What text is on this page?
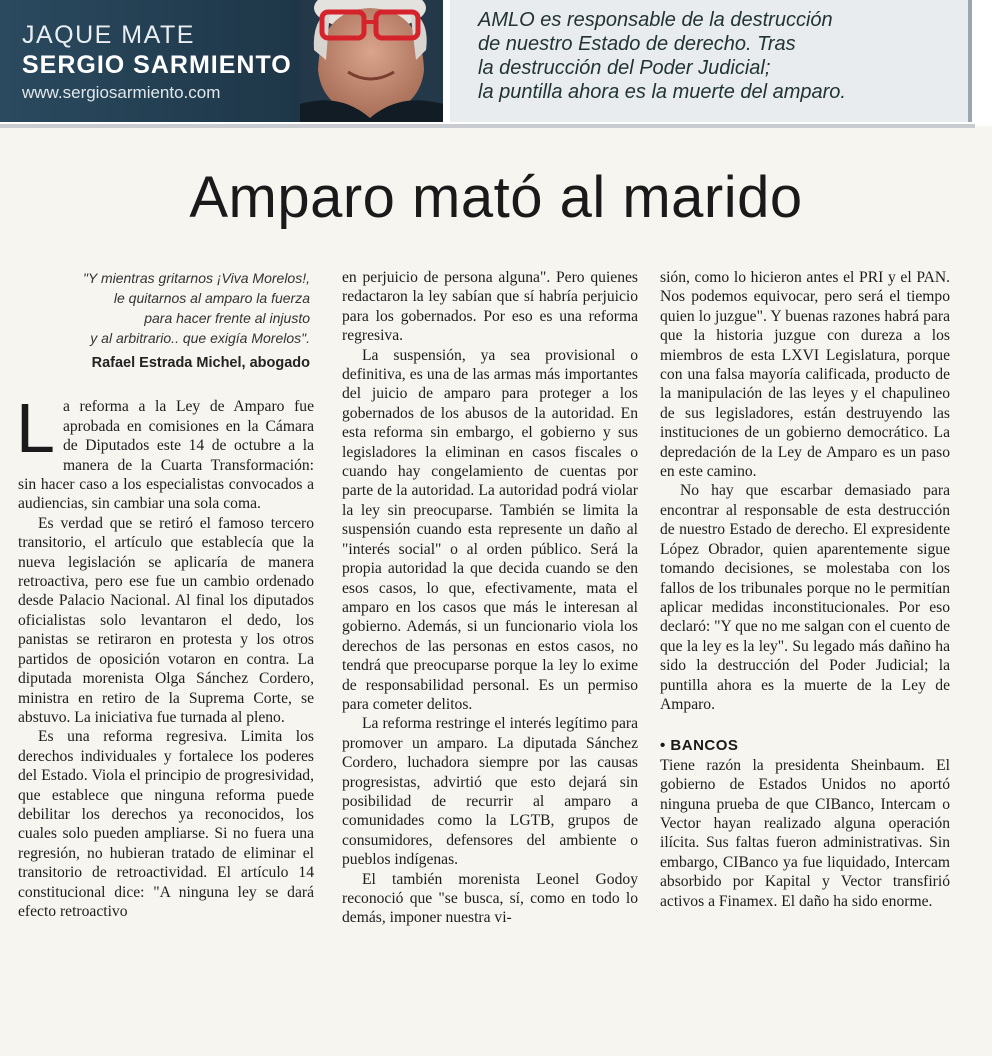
JAQUE MATE
SERGIO SARMIENTO
www.sergiosarmiento.com
AMLO es responsable de la destrucción
de nuestro Estado de derecho. Tras
la destrucción del Poder Judicial;
la puntilla ahora es la muerte del amparo.
Amparo mató al marido
"Y mientras gritarnos ¡Viva Morelos!,
le quitarnos al amparo la fuerza
para hacer frente al injusto
y al arbitrario.. que exigía Morelos".
Rafael Estrada Michel, abogado
L a reforma a la Ley de Amparo fue aprobada en comisiones en la Cámara de Diputados este 14 de octubre a la manera de la Cuarta Transformación: sin hacer caso a los especialistas convocados a audiencias, sin cambiar una sola coma.

Es verdad que se retiró el famoso tercero transitorio, el artículo que establecía que la nueva legislación se aplicaría de manera retroactiva, pero ese fue un cambio ordenado desde Palacio Nacional. Al final los diputados oficialistas solo levantaron el dedo, los panistas se retiraron en protesta y los otros partidos de oposición votaron en contra. La diputada morenista Olga Sánchez Cordero, ministra en retiro de la Suprema Corte, se abstuvo. La iniciativa fue turnada al pleno.

Es una reforma regresiva. Limita los derechos individuales y fortalece los poderes del Estado. Viola el principio de progresividad, que establece que ninguna reforma puede debilitar los derechos ya reconocidos, los cuales solo pueden ampliarse. Si no fuera una regresión, no hubieran tratado de eliminar el transitorio de retroactividad. El artículo 14 constitucional dice: "A ninguna ley se dará efecto retroactivo

en perjuicio de persona alguna". Pero quienes redactaron la ley sabían que sí habría perjuicio para los gobernados. Por eso es una reforma regresiva.

La suspensión, ya sea provisional o definitiva, es una de las armas más importantes del juicio de amparo para proteger a los gobernados de los abusos de la autoridad. En esta reforma sin embargo, el gobierno y sus legisladores la eliminan en casos fiscales o cuando hay congelamiento de cuentas por parte de la autoridad. La autoridad podrá violar la ley sin preocuparse. También se limita la suspensión cuando esta represente un daño al "interés social" o al orden público. Será la propia autoridad la que decida cuando se den esos casos, lo que, efectivamente, mata el amparo en los casos que más le interesan al gobierno. Además, si un funcionario viola los derechos de las personas en estos casos, no tendrá que preocuparse porque la ley lo exime de responsabilidad personal. Es un permiso para cometer delitos.

La reforma restringe el interés legítimo para promover un amparo. La diputada Sánchez Cordero, luchadora siempre por las causas progresistas, advirtió que esto dejará sin posibilidad de recurrir al amparo a comunidades como la LGTB, grupos de consumidores, defensores del ambiente o pueblos indígenas.

El también morenista Leonel Godoy reconoció que "se busca, sí, como en todo lo demás, imponer nuestra vi-

sión, como lo hicieron antes el PRI y el PAN. Nos podemos equivocar, pero será el tiempo quien lo juzgue". Y buenas razones habrá para que la historia juzgue con dureza a los miembros de esta LXVI Legislatura, porque con una falsa mayoría calificada, producto de la manipulación de las leyes y el chapulineo de sus legisladores, están destruyendo las instituciones de un gobierno democrático. La depredación de la Ley de Amparo es un paso en este camino.

No hay que escarbar demasiado para encontrar al responsable de esta destrucción de nuestro Estado de derecho. El expresidente López Obrador, quien aparentemente sigue tomando decisiones, se molestaba con los fallos de los tribunales porque no le permitían aplicar medidas inconstitucionales. Por eso declaró: "Y que no me salgan con el cuento de que la ley es la ley". Su legado más dañino ha sido la destrucción del Poder Judicial; la puntilla ahora es la muerte de la Ley de Amparo.

• BANCOS

Tiene razón la presidenta Sheinbaum. El gobierno de Estados Unidos no aportó ninguna prueba de que CIBanco, Intercam o Vector hayan realizado alguna operación ilícita. Sus faltas fueron administrativas. Sin embargo, CIBanco ya fue liquidado, Intercam absorbido por Kapital y Vector transfirió activos a Finamex. El daño ha sido enorme.
